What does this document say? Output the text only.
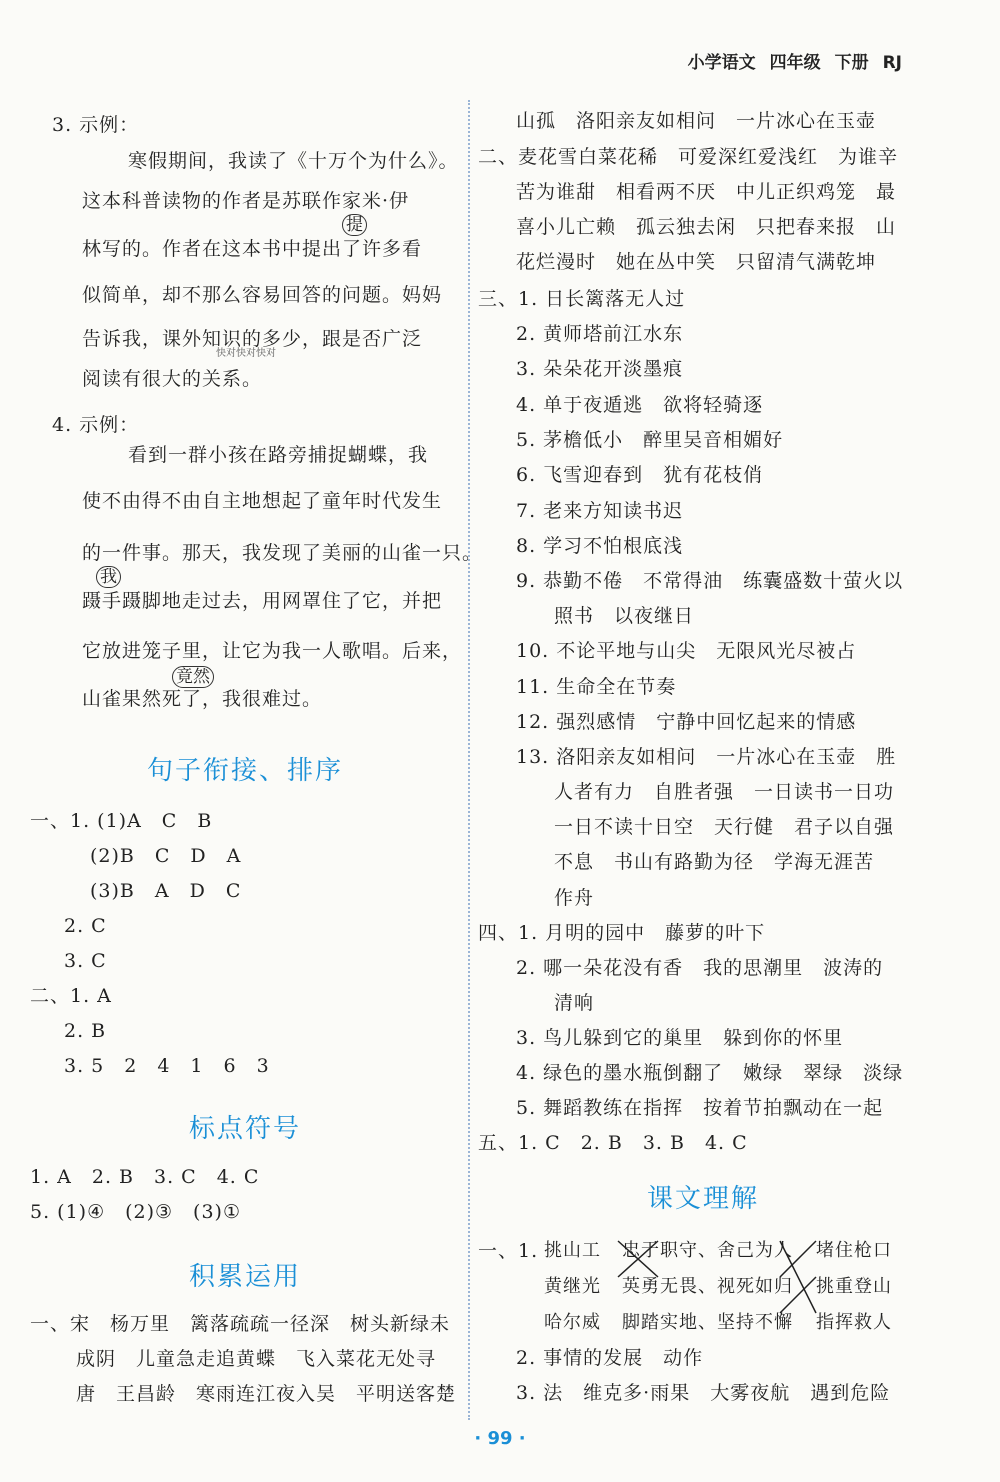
小学语文 四年级 下册 RJ
3. 示例：
寒假期间，我读了《十万个为什么》。
这本科普读物的作者是苏联作家米·伊
林写的。作者在这本书中提出了许多看
似简单，却不那么容易回答的问题。妈妈
告诉我，课外知识的多少，跟是否广泛
阅读有很大的关系。
提
快对快对快对
4. 示例：
看到一群小孩在路旁捕捉蝴蝶，我
使不由得不由自主地想起了童年时代发生
的一件事。那天，我发现了美丽的山雀一只。
我
蹑手蹑脚地走过去，用网罩住了它，并把
它放进笼子里，让它为我一人歌唱。后来，
竟然
山雀果然死了，我很难过。
句子衔接、排序
一、1. (1)A　C　B
(2)B　C　D　A
(3)B　A　D　C
2. C
3. C
二、1. A
2. B
3. 5　2　4　1　6　3
标点符号
1. A　2. B　3. C　4. C
5. (1)④　(2)③　(3)①
积累运用
一、宋　杨万里　篱落疏疏一径深　树头新绿未
成阴　儿童急走追黄蝶　飞入菜花无处寻
唐　王昌龄　寒雨连江夜入吴　平明送客楚
山孤　洛阳亲友如相问　一片冰心在玉壶
二、麦花雪白菜花稀　可爱深红爱浅红　为谁辛
苦为谁甜　相看两不厌　中儿正织鸡笼　最
喜小儿亡赖　孤云独去闲　只把春来报　山
花烂漫时　她在丛中笑　只留清气满乾坤
三、1. 日长篱落无人过
2. 黄师塔前江水东
3. 朵朵花开淡墨痕
4. 单于夜遁逃　欲将轻骑逐
5. 茅檐低小　醉里吴音相媚好
6. 飞雪迎春到　犹有花枝俏
7. 老来方知读书迟
8. 学习不怕根底浅
9. 恭勤不倦　不常得油　练囊盛数十萤火以
照书　以夜继日
10. 不论平地与山尖　无限风光尽被占
11. 生命全在节奏
12. 强烈感情　宁静中回忆起来的情感
13. 洛阳亲友如相问　一片冰心在玉壶　胜
人者有力　自胜者强　一日读书一日功
一日不读十日空　天行健　君子以自强
不息　书山有路勤为径　学海无涯苦
作舟
四、1. 月明的园中　藤萝的叶下
2. 哪一朵花没有香　我的思潮里　波涛的
清响
3. 鸟儿躲到它的巢里　躲到你的怀里
4. 绿色的墨水瓶倒翻了　嫩绿　翠绿　淡绿
5. 舞蹈教练在指挥　按着节拍飘动在一起
五、1. C　2. B　3. B　4. C
课文理解
一、1. 挑山工
黄继光
哈尔威
忠于职守、舍己为人
英勇无畏、视死如归
脚踏实地、坚持不懈
堵住枪口
挑重登山
指挥救人
2. 事情的发展　动作
3. 法　维克多·雨果　大雾夜航　遇到危险
· 99 ·
